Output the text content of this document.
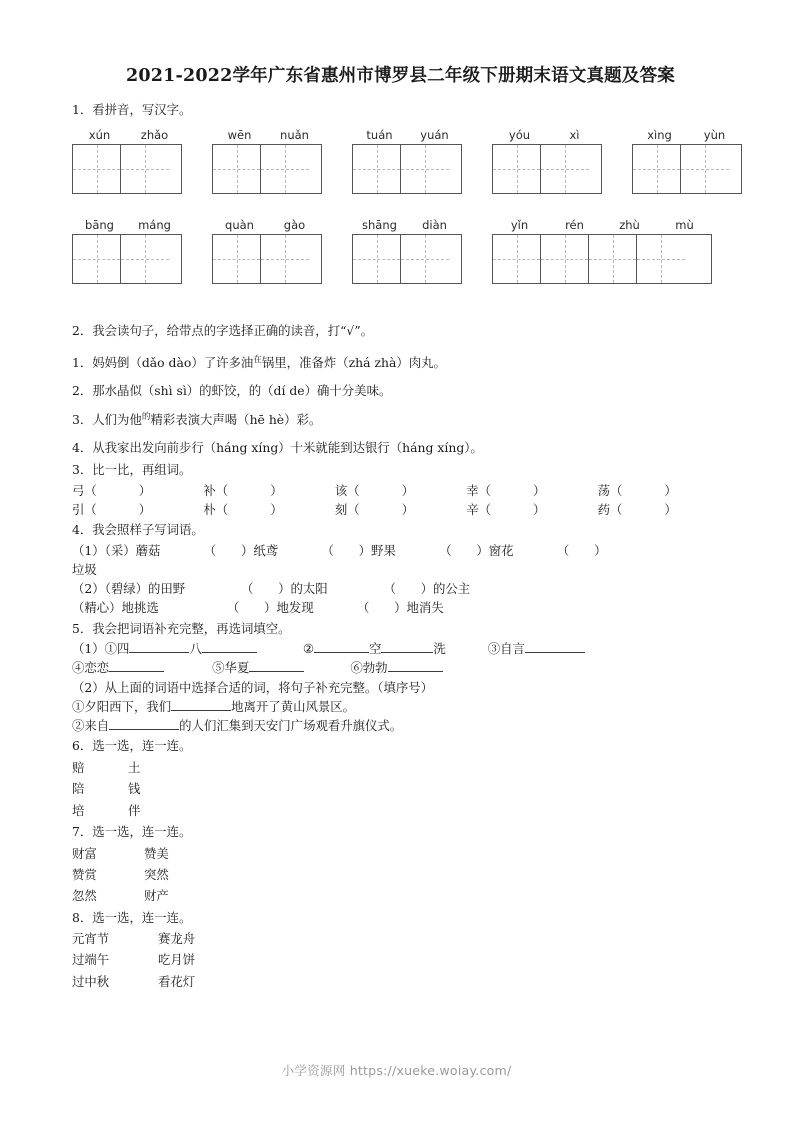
2021-2022学年广东省惠州市博罗县二年级下册期末语文真题及答案
1．看拼音，写汉字。
xún	zhǎo	wēn	nuǎn	tuán	yuán	yóu	xì	xìng	yùn
bāng	máng	quàn	gào	shāng	diàn	yǐn	rén	zhù	mù
2．我会读句子，给带点的字选择正确的读音，打“√”。
1．妈妈倒（dǎo dào）了许多油$^在$锅里，准备炸（zhá zhà）肉丸。
2．那水晶似（shì sì）的虾饺，的（dí de）确十分美味。
3．人们为他$^的$精彩表演大声喝（hē hè）彩。
4．从我家出发向前步行（háng xíng）十米就能到达银行（háng xíng）。
3．比一比，再组词。
弓（	）	补（	）	该（	）	幸（	）	荡（	）
引（	）	朴（	）	刻（	）	辛（	）	药（	）
4．我会照样子写词语。
（1）（采）蘑菇　　　　（　　）纸鸢　　　　（　　）野果　　　　（　　）窗花　　　　（　　）
垃圾
（2）（碧绿）的田野　　　　　（　　）的太阳　　　　　（　　）的公主
（精心）地挑选　　　　　　（　　）地发现　　　　（　　）地消失
5．我会把词语补充完整，再选词填空。
（1）①四	八	②	空	洗	③自言
④恋恋	⑤华夏	⑥勃勃
（2）从上面的词语中选择合适的词，将句子补充完整。（填序号）
①夕阳西下，我们	地离开了黄山风景区。
②来自	的人们汇集到天安门广场观看升旗仪式。
6．选一选，连一连。
赔	土
陪	钱
培	伴
7．选一选，连一连。
财富	赞美
赞赏	突然
忽然	财产
8．选一选，连一连。
元宵节	赛龙舟
过端午	吃月饼
过中秋	看花灯
小学资源网 https://xueke.woiay.com/
